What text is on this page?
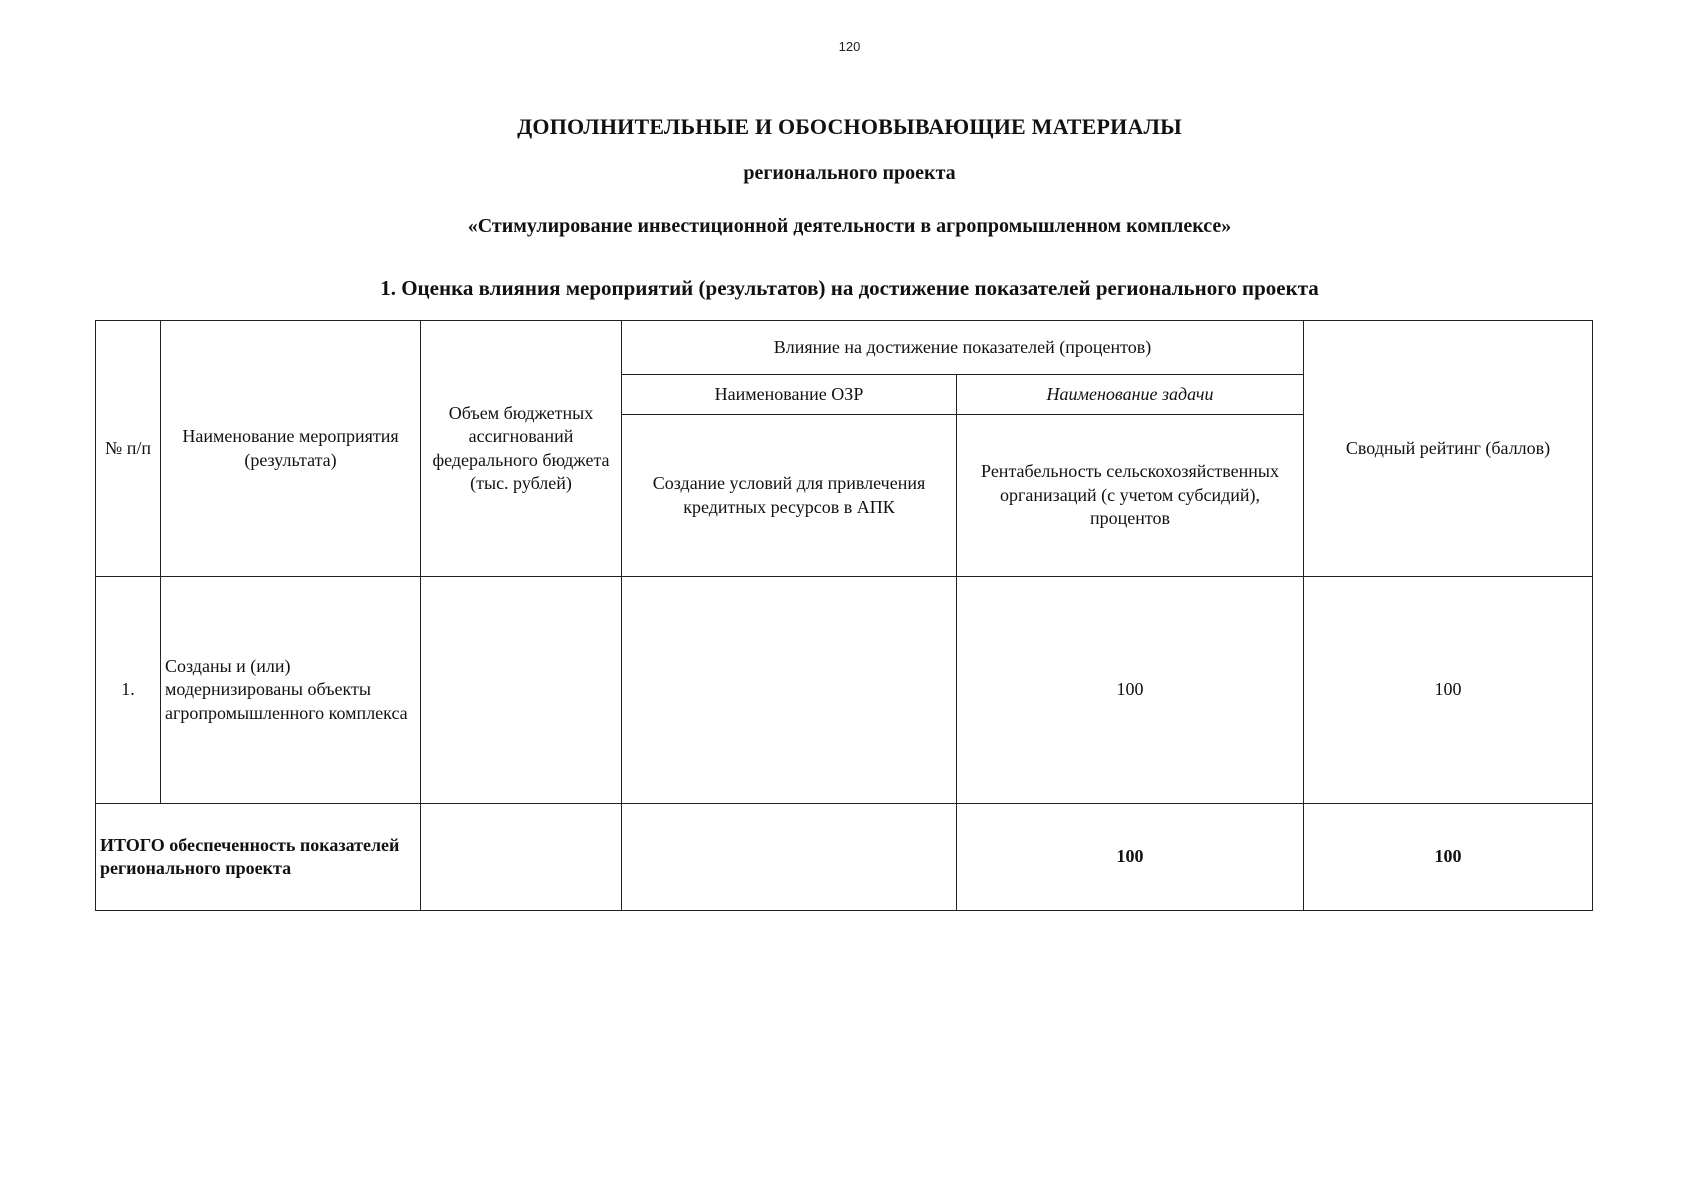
120
ДОПОЛНИТЕЛЬНЫЕ И ОБОСНОВЫВАЮЩИЕ МАТЕРИАЛЫ
регионального проекта
«Стимулирование инвестиционной деятельности в агропромышленном комплексе»
1. Оценка влияния мероприятий (результатов) на достижение показателей регионального проекта
№ п/п	Наименование мероприятия (результата)	Объем бюджетных ассигнований федерального бюджета (тыс. рублей)	Влияние на достижение показателей (процентов)		Сводный рейтинг (баллов)
			Наименование ОЗР	Наименование задачи	
			Создание условий для привлечения кредитных ресурсов в АПК	Рентабельность сельскохозяйственных организаций (с учетом субсидий), процентов	
1.	Созданы и (или) модернизированы объекты агропромышленного комплекса			100	100
ИТОГО обеспеченность показателей регионального проекта				100	100
